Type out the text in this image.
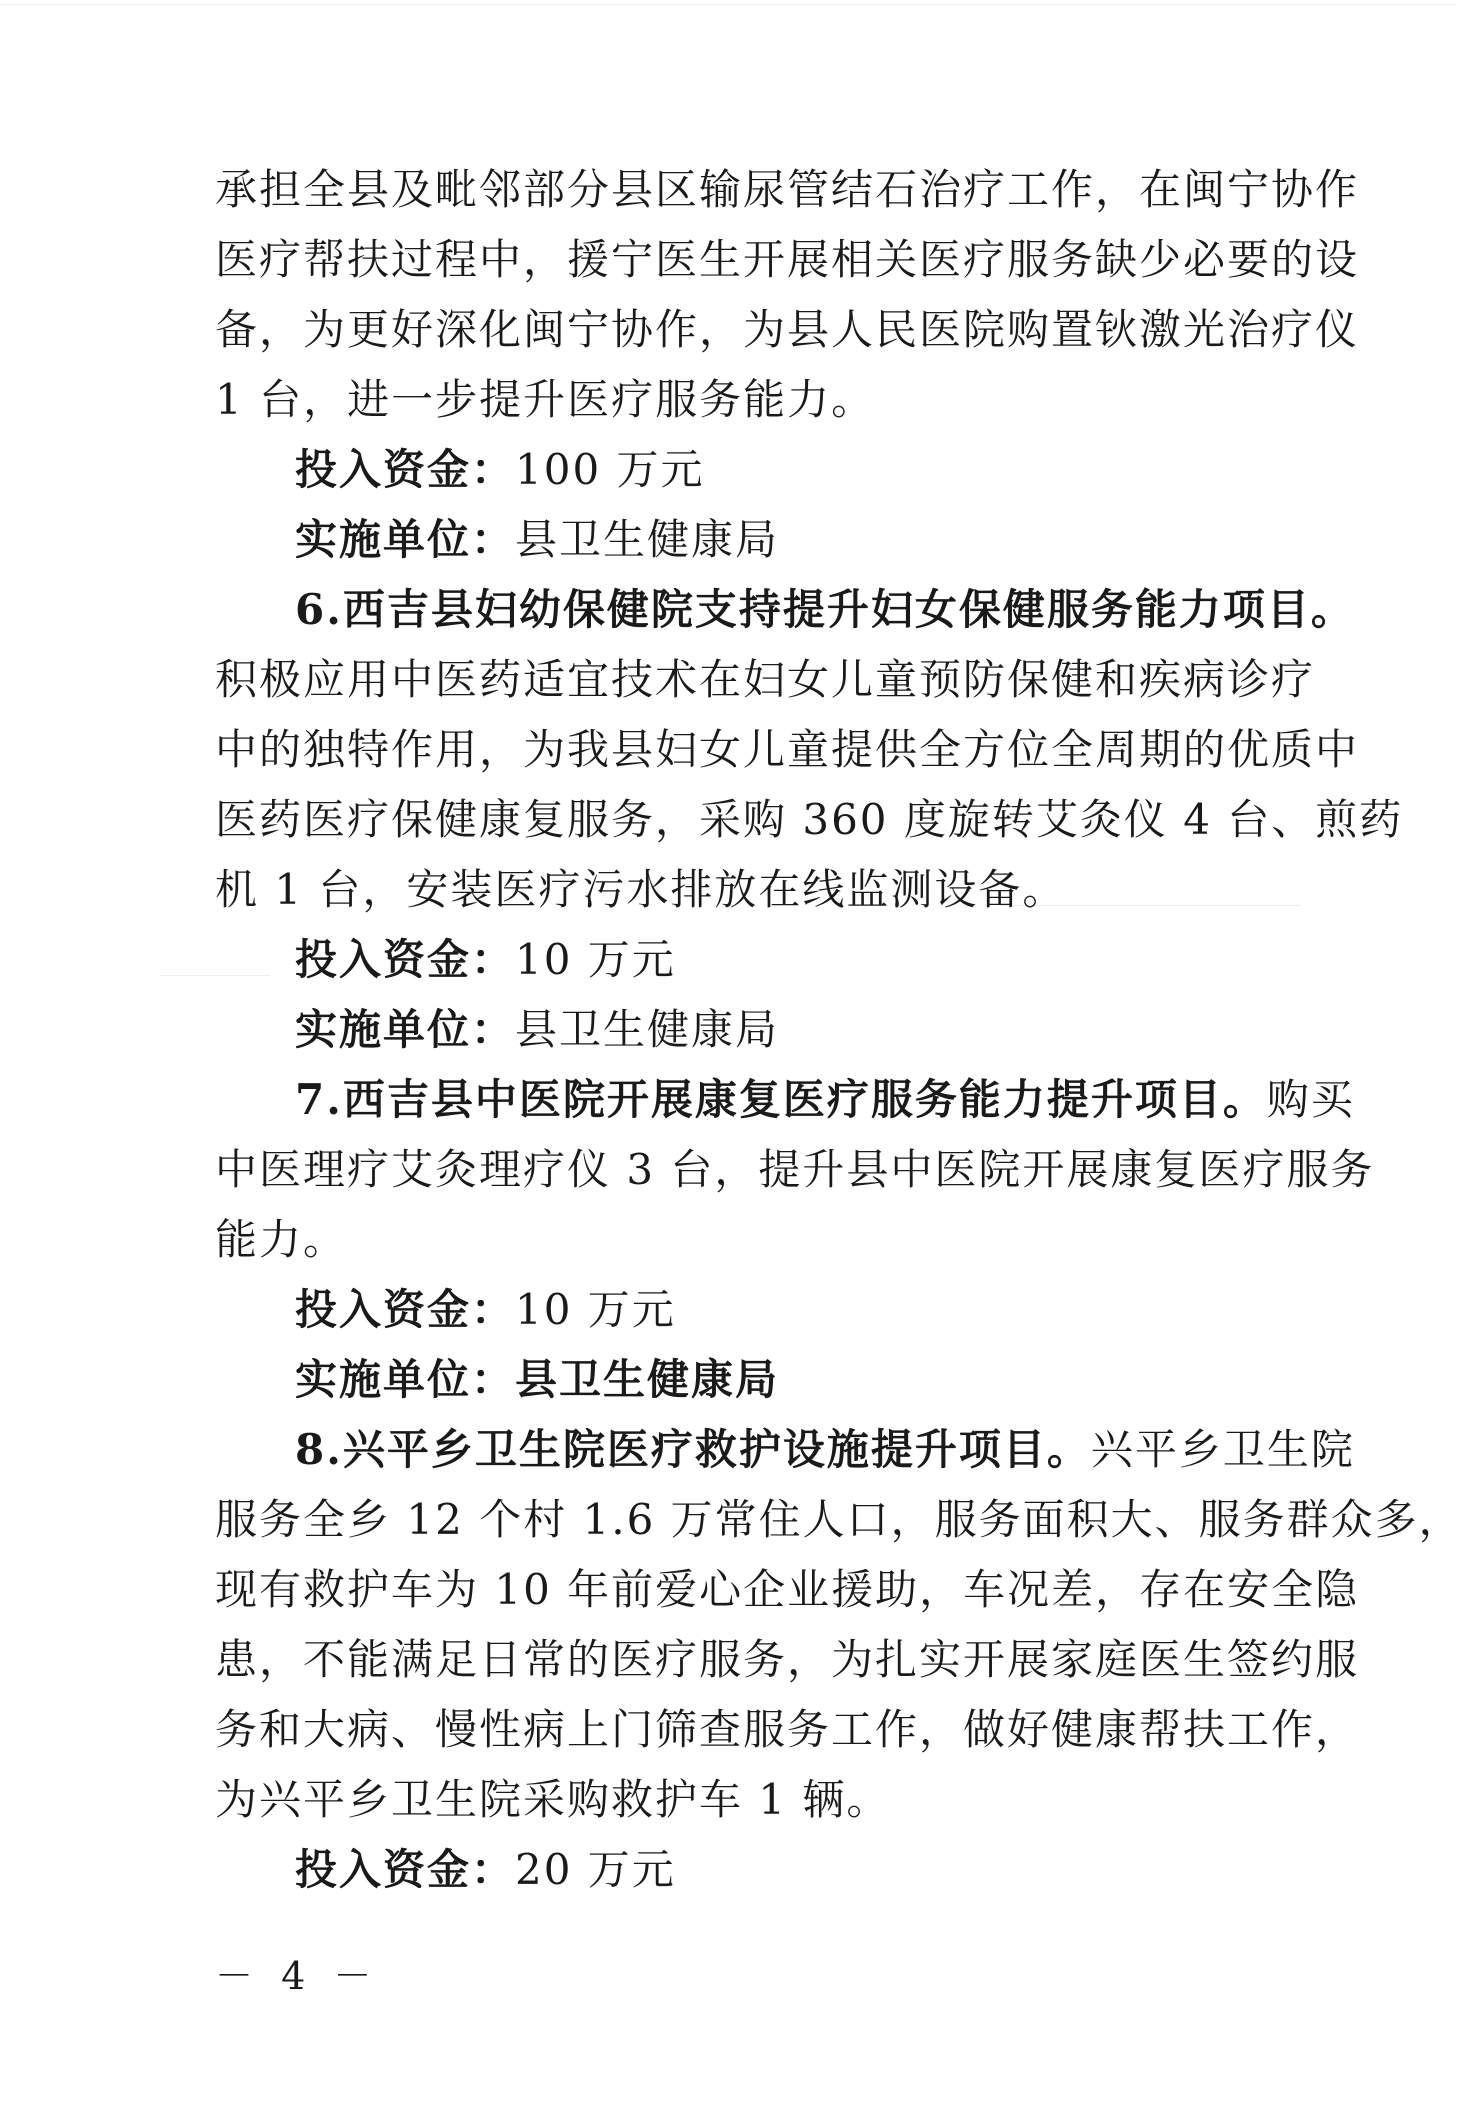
承担全县及毗邻部分县区输尿管结石治疗工作，在闽宁协作
医疗帮扶过程中，援宁医生开展相关医疗服务缺少必要的设
备，为更好深化闽宁协作，为县人民医院购置钬激光治疗仪
1 台，进一步提升医疗服务能力。
投入资金：100 万元
实施单位：县卫生健康局
6.西吉县妇幼保健院支持提升妇女保健服务能力项目。
积极应用中医药适宜技术在妇女儿童预防保健和疾病诊疗
中的独特作用，为我县妇女儿童提供全方位全周期的优质中
医药医疗保健康复服务，采购 360 度旋转艾灸仪 4 台、煎药
机 1 台，安装医疗污水排放在线监测设备。
投入资金：10 万元
实施单位：县卫生健康局
7.西吉县中医院开展康复医疗服务能力提升项目。购买
中医理疗艾灸理疗仪 3 台，提升县中医院开展康复医疗服务
能力。
投入资金：10 万元
实施单位：县卫生健康局
8.兴平乡卫生院医疗救护设施提升项目。兴平乡卫生院
服务全乡 12 个村 1.6 万常住人口，服务面积大、服务群众多，
现有救护车为 10 年前爱心企业援助，车况差，存在安全隐
患，不能满足日常的医疗服务，为扎实开展家庭医生签约服
务和大病、慢性病上门筛查服务工作，做好健康帮扶工作，
为兴平乡卫生院采购救护车 1 辆。
投入资金：20 万元
－ 4 －
